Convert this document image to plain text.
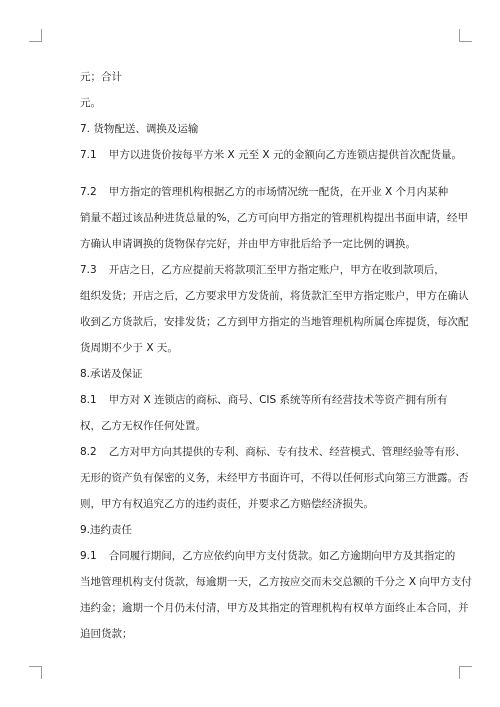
元；合计

元。

7. 货物配送、调换及运输

7.1 甲方以进货价按每平方米 X 元至 X 元的金额向乙方连锁店提供首次配货量。

7.2 甲方指定的管理机构根据乙方的市场情况统一配货，在开业 X 个月内某种

销量不超过该品种进货总量的%，乙方可向甲方指定的管理机构提出书面申请，经甲

方确认申请调换的货物保存完好，并由甲方审批后给予一定比例的调换。

7.3 开店之日，乙方应提前天将款项汇至甲方指定账户，甲方在收到款项后，

组织发货；开店之后，乙方要求甲方发货前，将货款汇至甲方指定账户，甲方在确认

收到乙方货款后，安排发货；乙方到甲方指定的当地管理机构所属仓库提货，每次配

货周期不少于 X 天。

8.承诺及保证

8.1 甲方对 X 连锁店的商标、商号、CIS 系统等所有经营技术等资产拥有所有

权，乙方无权作任何处置。

8.2 乙方对甲方向其提供的专利、商标、专有技术、经营模式、管理经验等有形、

无形的资产负有保密的义务，未经甲方书面许可，不得以任何形式向第三方泄露。否

则，甲方有权追究乙方的违约责任，并要求乙方赔偿经济损失。

9.违约责任

9.1 合同履行期间，乙方应依约向甲方支付货款。如乙方逾期向甲方及其指定的

当地管理机构支付货款，每逾期一天，乙方按应交而未交总额的千分之 X 向甲方支付

违约金；逾期一个月仍未付清，甲方及其指定的管理机构有权单方面终止本合同，并

追回货款；
